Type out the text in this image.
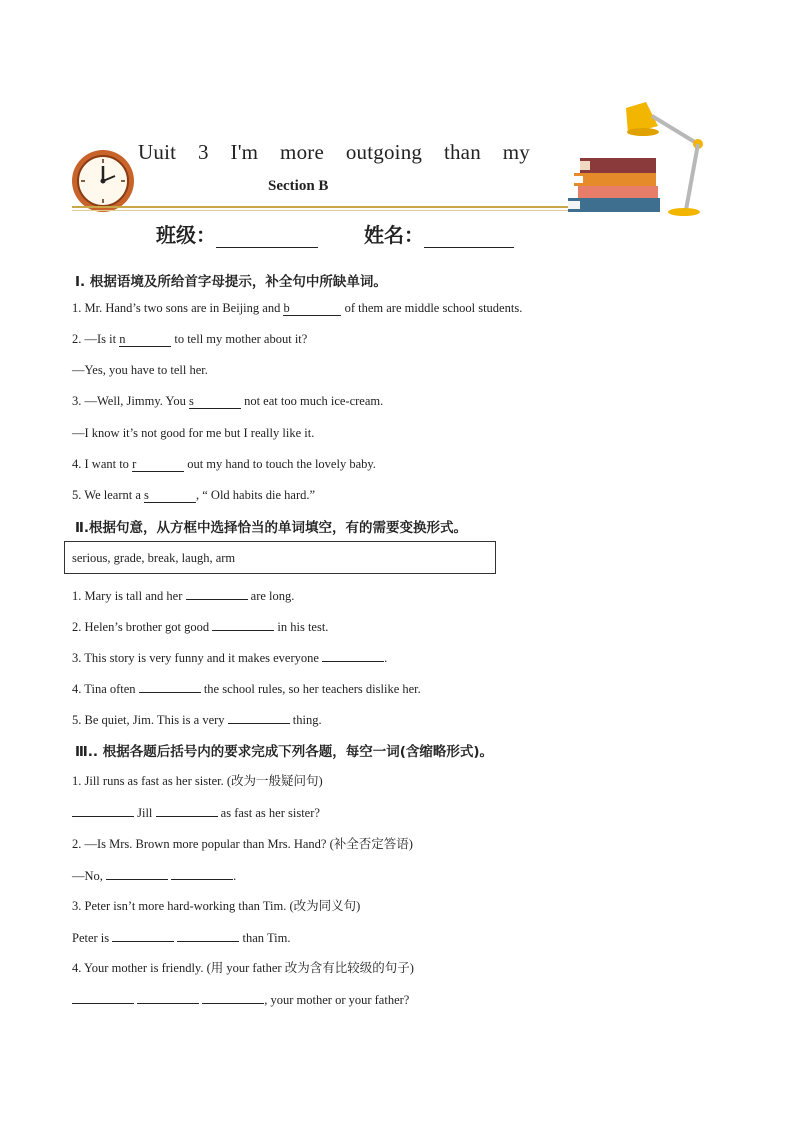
Uuit 3 I'm more outgoing than my
Section B
班级：	姓名：
Ⅰ. 根据语境及所给首字母提示，补全句中所缺单词。
1. Mr. Hand’s two sons are in Beijing and b	of them are middle school students.
2. —Is it n	to tell my mother about it?
—Yes, you have to tell her.
3. —Well, Jimmy. You s	not eat too much ice-cream.
—I know it’s not good for me but I really like it.
4. I want to r	out my hand to touch the lovely baby.
5. We learnt a s	, “ Old habits die hard.”
Ⅱ.根据句意，从方框中选择恰当的单词填空，有的需要变换形式。
serious, grade, break, laugh, arm
1. Mary is tall and her	are long.
2. Helen’s brother got good	in his test.
3. This story is very funny and it makes everyone	.
4. Tina often	the school rules, so her teachers dislike her.
5. Be quiet, Jim. This is a very	thing.
Ⅲ.. 根据各题后括号内的要求完成下列各题，每空一词(含缩略形式)。
1. Jill runs as fast as her sister. (改为一般疑问句)
Jill	as fast as her sister?
2. —Is Mrs. Brown more popular than Mrs. Hand? (补全否定答语)
—No,	.
3. Peter isn’t more hard-working than Tim. (改为同义句)
Peter is	than Tim.
4. Your mother is friendly. (用 your father 改为含有比较级的句子)
, your mother or your father?
